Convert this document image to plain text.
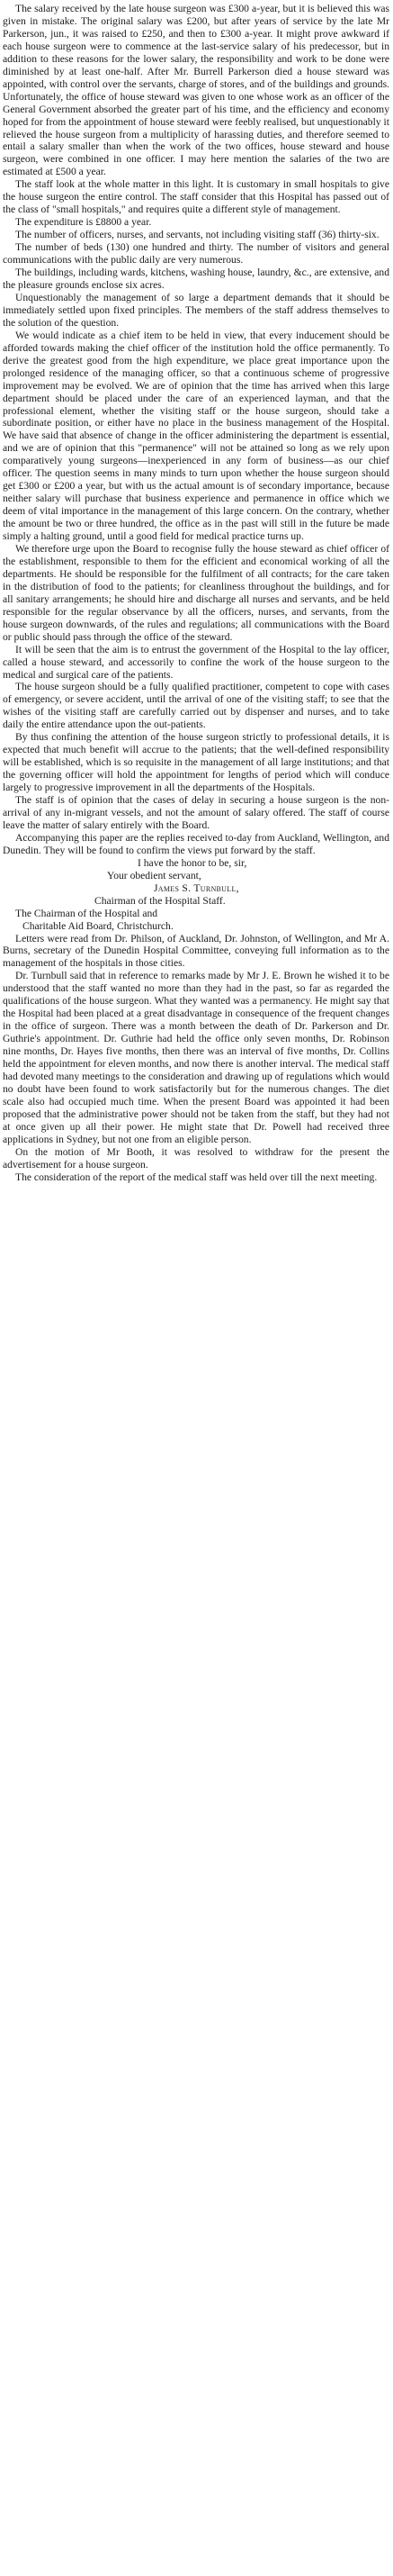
The salary received by the late house surgeon was £300 a-year, but it is believed this was given in mistake. The original salary was £200, but after years of service by the late Mr Parkerson, jun., it was raised to £250, and then to £300 a-year. It might prove awkward if each house surgeon were to commence at the last-service salary of his predecessor, but in addition to these reasons for the lower salary, the responsibility and work to be done were diminished by at least one-half. After Mr. Burrell Parkerson died a house steward was appointed, with control over the servants, charge of stores, and of the buildings and grounds. Unfortunately, the office of house steward was given to one whose work as an officer of the General Government absorbed the greater part of his time, and the efficiency and economy hoped for from the appointment of house steward were feebly realised, but unquestionably it relieved the house surgeon from a multiplicity of harassing duties, and therefore seemed to entail a salary smaller than when the work of the two offices, house steward and house surgeon, were combined in one officer. I may here mention the salaries of the two are estimated at £500 a year.

The staff look at the whole matter in this light. It is customary in small hospitals to give the house surgeon the entire control. The staff consider that this Hospital has passed out of the class of "small hospitals," and requires quite a different style of management.

The expenditure is £8800 a year.

The number of officers, nurses, and servants, not including visiting staff (36) thirty-six.

The number of beds (130) one hundred and thirty. The number of visitors and general communications with the public daily are very numerous.

The buildings, including wards, kitchens, washing house, laundry, &c., are extensive, and the pleasure grounds enclose six acres.

Unquestionably the management of so large a department demands that it should be immediately settled upon fixed principles. The members of the staff address themselves to the solution of the question.

We would indicate as a chief item to be held in view, that every inducement should be afforded towards making the chief officer of the institution hold the office permanently. To derive the greatest good from the high expenditure, we place great importance upon the prolonged residence of the managing officer, so that a continuous scheme of progressive improvement may be evolved. We are of opinion that the time has arrived when this large department should be placed under the care of an experienced layman, and that the professional element, whether the visiting staff or the house surgeon, should take a subordinate position, or either have no place in the business management of the Hospital. We have said that absence of change in the officer administering the department is essential, and we are of opinion that this "permanence" will not be attained so long as we rely upon comparatively young surgeons—inexperienced in any form of business—as our chief officer. The question seems in many minds to turn upon whether the house surgeon should get £300 or £200 a year, but with us the actual amount is of secondary importance, because neither salary will purchase that business experience and permanence in office which we deem of vital importance in the management of this large concern. On the contrary, whether the amount be two or three hundred, the office as in the past will still in the future be made simply a halting ground, until a good field for medical practice turns up.

We therefore urge upon the Board to recognise fully the house steward as chief officer of the establishment, responsible to them for the efficient and economical working of all the departments. He should be responsible for the fulfilment of all contracts; for the care taken in the distribution of food to the patients; for cleanliness throughout the buildings, and for all sanitary arrangements; he should hire and discharge all nurses and servants, and be held responsible for the regular observance by all the officers, nurses, and servants, from the house surgeon downwards, of the rules and regulations; all communications with the Board or public should pass through the office of the steward.

It will be seen that the aim is to entrust the government of the Hospital to the lay officer, called a house steward, and accessorily to confine the work of the house surgeon to the medical and surgical care of the patients.

The house surgeon should be a fully qualified practitioner, competent to cope with cases of emergency, or severe accident, until the arrival of one of the visiting staff; to see that the wishes of the visiting staff are carefully carried out by dispenser and nurses, and to take daily the entire attendance upon the out-patients.

By thus confining the attention of the house surgeon strictly to professional details, it is expected that much benefit will accrue to the patients; that the well-defined responsibility will be established, which is so requisite in the management of all large institutions; and that the governing officer will hold the appointment for lengths of period which will conduce largely to progressive improvement in all the departments of the Hospitals.

The staff is of opinion that the cases of delay in securing a house surgeon is the non-arrival of any in-migrant vessels, and not the amount of salary offered. The staff of course leave the matter of salary entirely with the Board.

Accompanying this paper are the replies received to-day from Auckland, Wellington, and Dunedin. They will be found to confirm the views put forward by the staff.

I have the honor to be, sir,

Your obedient servant,

James S. Turnbull,

Chairman of the Hospital Staff.

The Chairman of the Hospital and

Charitable Aid Board, Christchurch.

Letters were read from Dr. Philson, of Auckland, Dr. Johnston, of Wellington, and Mr A. Burns, secretary of the Dunedin Hospital Committee, conveying full information as to the management of the hospitals in those cities.

Dr. Turnbull said that in reference to remarks made by Mr J. E. Brown he wished it to be understood that the staff wanted no more than they had in the past, so far as regarded the qualifications of the house surgeon. What they wanted was a permanency. He might say that the Hospital had been placed at a great disadvantage in consequence of the frequent changes in the office of surgeon. There was a month between the death of Dr. Parkerson and Dr. Guthrie's appointment. Dr. Guthrie had held the office only seven months, Dr. Robinson nine months, Dr. Hayes five months, then there was an interval of five months, Dr. Collins held the appointment for eleven months, and now there is another interval. The medical staff had devoted many meetings to the consideration and drawing up of regulations which would no doubt have been found to work satisfactorily but for the numerous changes. The diet scale also had occupied much time. When the present Board was appointed it had been proposed that the administrative power should not be taken from the staff, but they had not at once given up all their power. He might state that Dr. Powell had received three applications in Sydney, but not one from an eligible person.

On the motion of Mr Booth, it was resolved to withdraw for the present the advertisement for a house surgeon.

The consideration of the report of the medical staff was held over till the next meeting.
